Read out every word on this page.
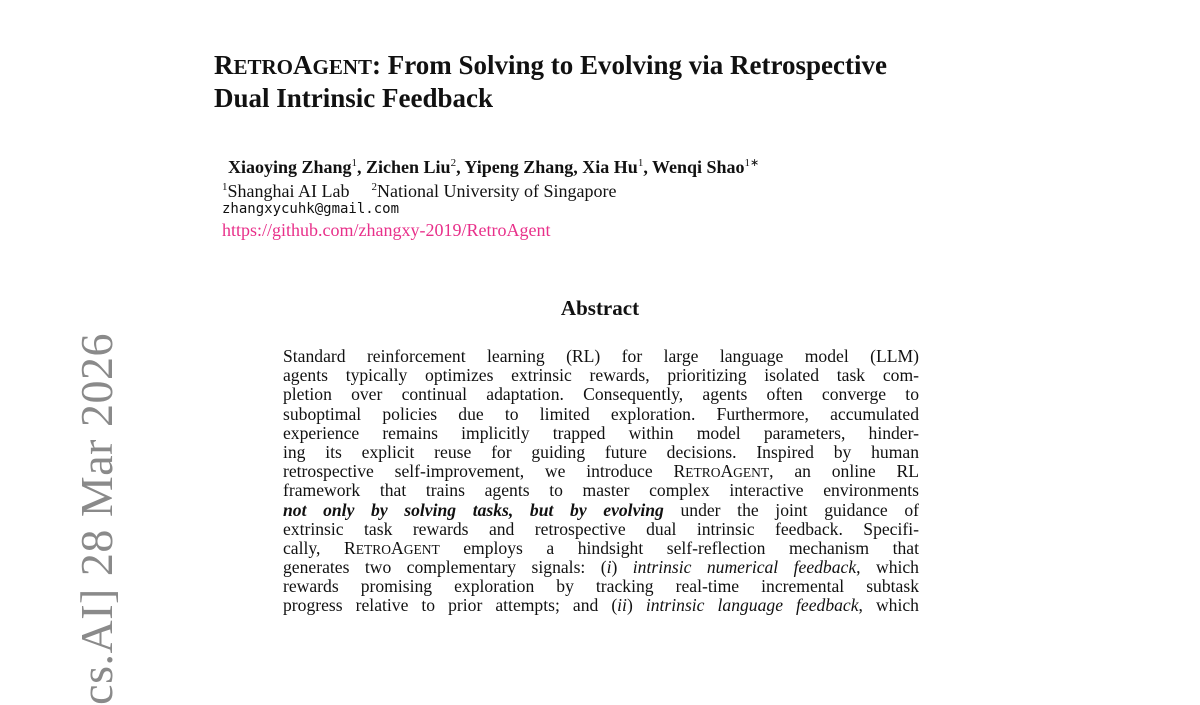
cs.AI] 28 Mar 2026
RETROAGENT: From Solving to Evolving via Retrospective
Dual Intrinsic Feedback
Xiaoying Zhang$^1$, Zichen Liu$^2$, Yipeng Zhang, Xia Hu$^1$, Wenqi Shao$^{1∗}$
$^1$Shanghai AI Lab $^2$National University of Singapore
zhangxycuhk@gmail.com
https://github.com/zhangxy-2019/RetroAgent
Abstract
Standard reinforcement learning (RL) for large language model (LLM)
agents typically optimizes extrinsic rewards, prioritizing isolated task com-
pletion over continual adaptation. Consequently, agents often converge to
suboptimal policies due to limited exploration. Furthermore, accumulated
experience remains implicitly trapped within model parameters, hinder-
ing its explicit reuse for guiding future decisions. Inspired by human
retrospective self-improvement, we introduce RETROAGENT, an online RL
framework that trains agents to master complex interactive environments
not only by solving tasks, but by evolving under the joint guidance of
extrinsic task rewards and retrospective dual intrinsic feedback. Specifi-
cally, RETROAGENT employs a hindsight self-reflection mechanism that
generates two complementary signals: (i) intrinsic numerical feedback, which
rewards promising exploration by tracking real-time incremental subtask
progress relative to prior attempts; and (ii) intrinsic language feedback, which
